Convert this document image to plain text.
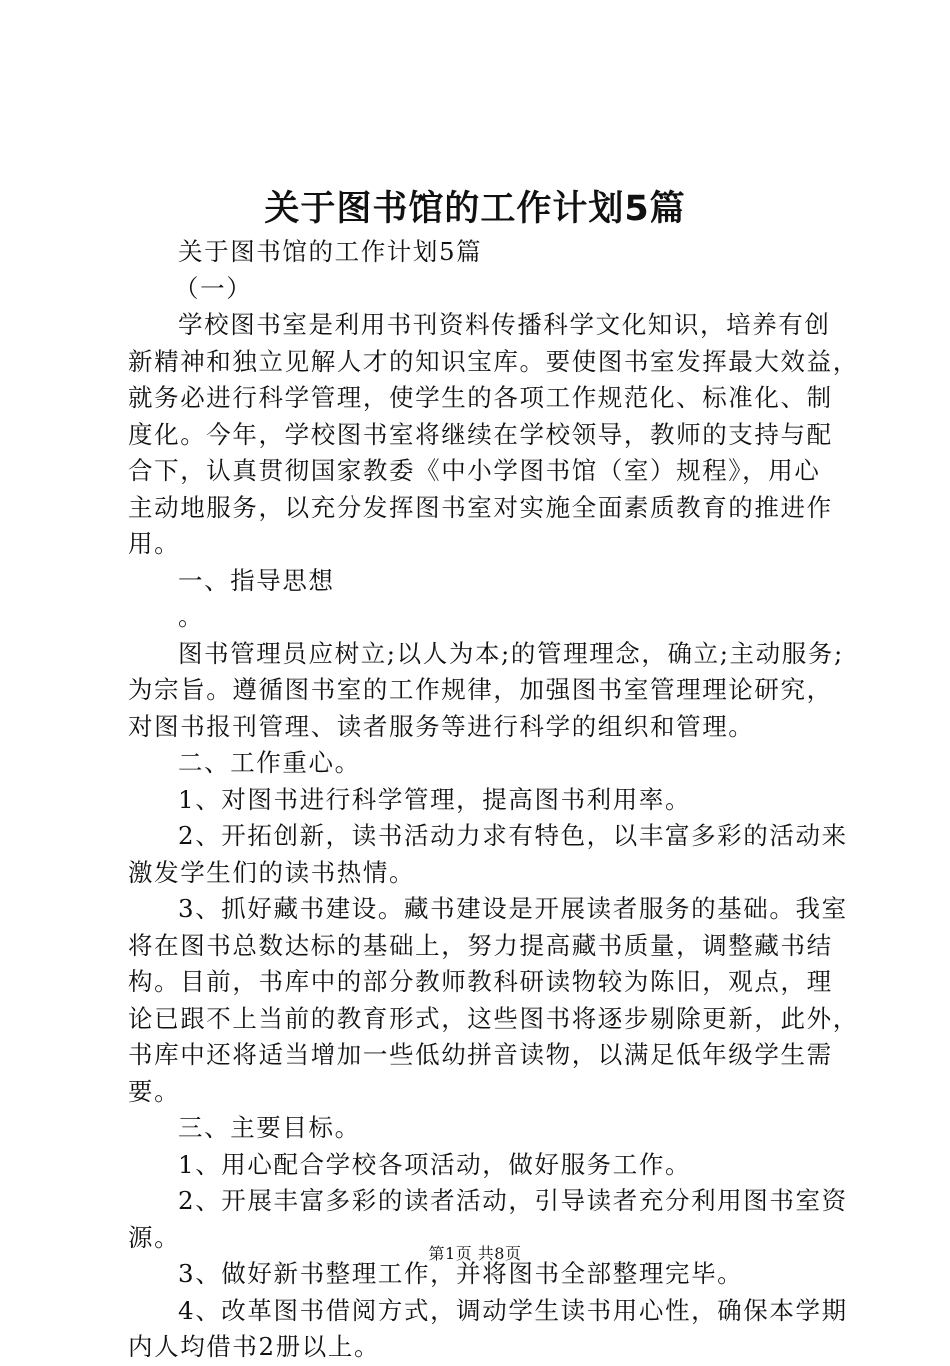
关于图书馆的工作计划5篇
关于图书馆的工作计划5篇
（一）
学校图书室是利用书刊资料传播科学文化知识，培养有创
新精神和独立见解人才的知识宝库。要使图书室发挥最大效益，
就务必进行科学管理，使学生的各项工作规范化、标准化、制
度化。今年，学校图书室将继续在学校领导，教师的支持与配
合下，认真贯彻国家教委《中小学图书馆（室）规程》，用心
主动地服务，以充分发挥图书室对实施全面素质教育的推进作
用。
一、指导思想
。
图书管理员应树立;以人为本;的管理理念，确立;主动服务;
为宗旨。遵循图书室的工作规律，加强图书室管理理论研究，
对图书报刊管理、读者服务等进行科学的组织和管理。
二、工作重心。
1、对图书进行科学管理，提高图书利用率。
2、开拓创新，读书活动力求有特色，以丰富多彩的活动来
激发学生们的读书热情。
3、抓好藏书建设。藏书建设是开展读者服务的基础。我室
将在图书总数达标的基础上，努力提高藏书质量，调整藏书结
构。目前，书库中的部分教师教科研读物较为陈旧，观点，理
论已跟不上当前的教育形式，这些图书将逐步剔除更新，此外，
书库中还将适当增加一些低幼拼音读物，以满足低年级学生需
要。
三、主要目标。
1、用心配合学校各项活动，做好服务工作。
2、开展丰富多彩的读者活动，引导读者充分利用图书室资
源。
3、做好新书整理工作，并将图书全部整理完毕。
4、改革图书借阅方式，调动学生读书用心性，确保本学期
内人均借书2册以上。
第1页 共8页
